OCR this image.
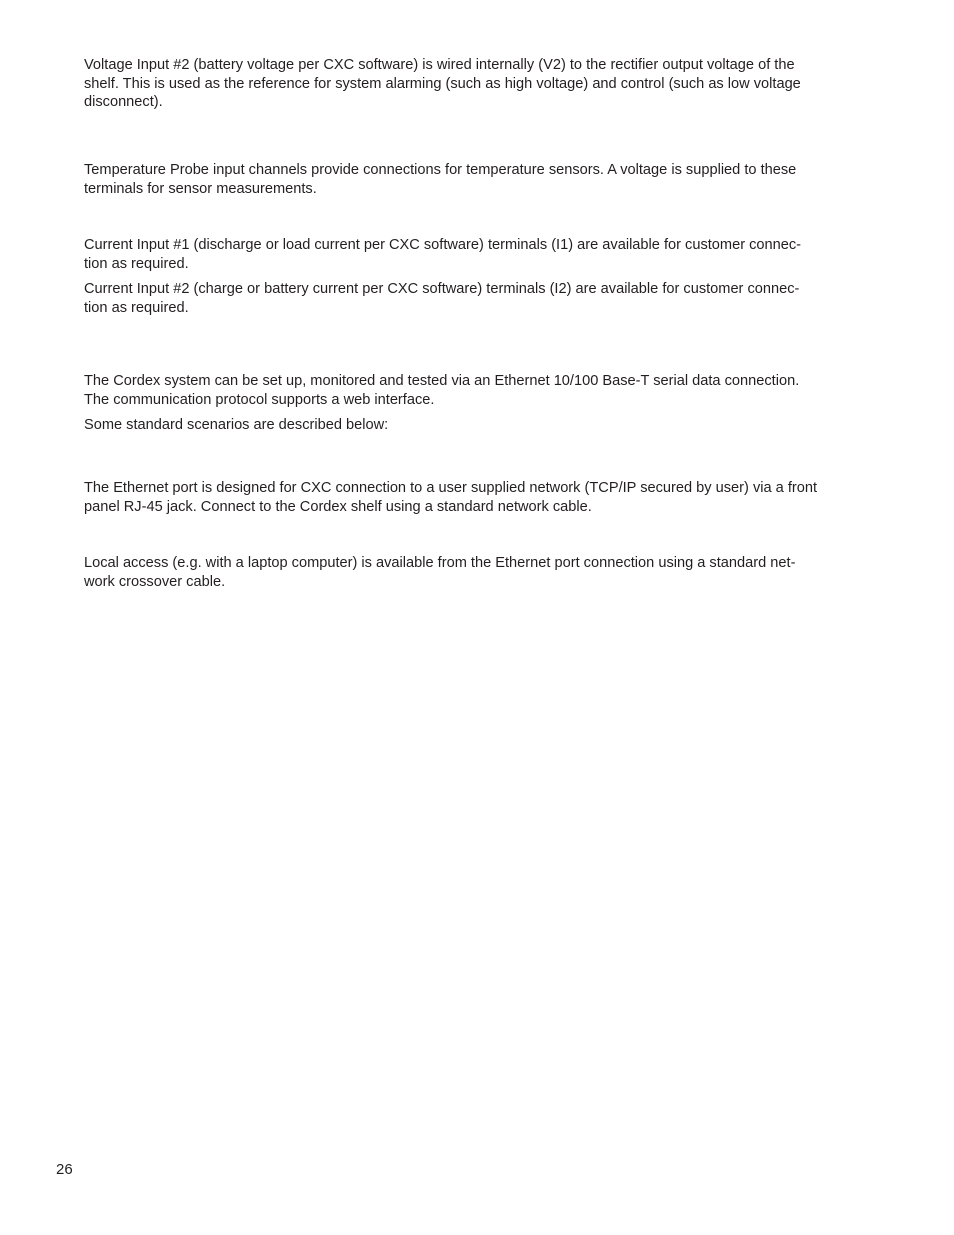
Voltage Input #2 (battery voltage per CXC software) is wired internally (V2) to the rectifier output voltage of the
shelf. This is used as the reference for system alarming (such as high voltage) and control (such as low voltage
disconnect).

Temperature Probe input channels provide connections for temperature sensors. A voltage is supplied to these
terminals for sensor measurements.

Current Input #1 (discharge or load current per CXC software) terminals (I1) are available for customer connec-
tion as required.

Current Input #2 (charge or battery current per CXC software) terminals (I2) are available for customer connec-
tion as required.

The Cordex system can be set up, monitored and tested via an Ethernet 10/100 Base-T serial data connection.
The communication protocol supports a web interface.

Some standard scenarios are described below:

The Ethernet port is designed for CXC connection to a user supplied network (TCP/IP secured by user) via a front
panel RJ-45 jack. Connect to the Cordex shelf using a standard network cable.

Local access (e.g. with a laptop computer) is available from the Ethernet port connection using a standard net-
work crossover cable.

26
